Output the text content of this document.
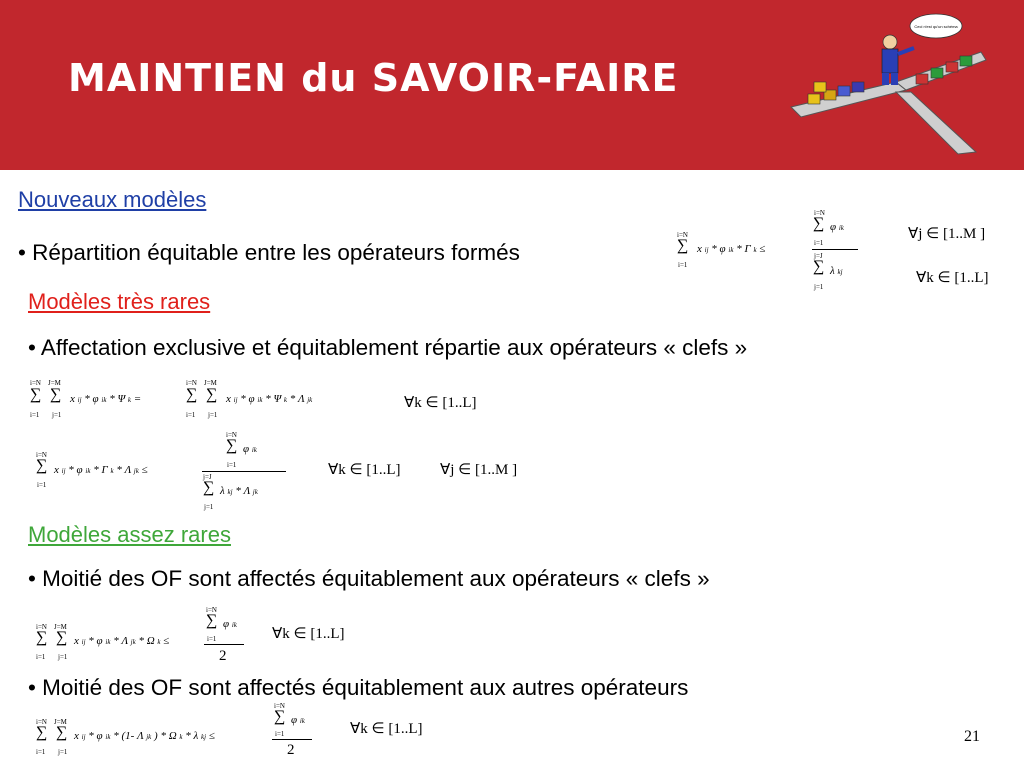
MAINTIEN du SAVOIR-FAIRE
Ceci n'est qu'un schéma
Nouveaux modèles
• Répartition équitable entre les opérateurs formés
i=N
∑
i=1
x ij * φ ik * Γ k ≤
i=N
∑ φ ik
i=1
j=J
∑ λ kj
j=1
∀j ∈ [1..M ]
∀k ∈ [1..L]
Modèles très rares
• Affectation exclusive et équitablement répartie aux opérateurs « clefs »
i=N J=M
∑ ∑
i=1 j=1
x ij * φ ik * Ψ k =
i=N J=M
∑ ∑
i=1 j=1
x ij * φ ik * Ψ k * Λ jk	∀k ∈ [1..L]
i=N
∑
i=1
x ij * φ ik * Γ k * Λ jk ≤
i=N
∑ φ ik
i=1
j=J
∑ λ kj * Λ jk
j=1
∀k ∈ [1..L]	∀j ∈ [1..M ]
Modèles assez rares
• Moitié des OF sont affectés équitablement aux opérateurs « clefs »
i=N J=M
∑ ∑
i=1 j=1
x ij * φ ik * Λ jk * Ω k ≤
i=N
∑ φ ik
i=1
2
∀k ∈ [1..L]
• Moitié des OF sont affectés équitablement aux autres opérateurs
i=N J=M
∑ ∑
i=1 j=1
x ij * φ ik * (1- Λ jk ) * Ω k * λ kj ≤
i=N
∑ φ ik
i=1
2
∀k ∈ [1..L]	21
